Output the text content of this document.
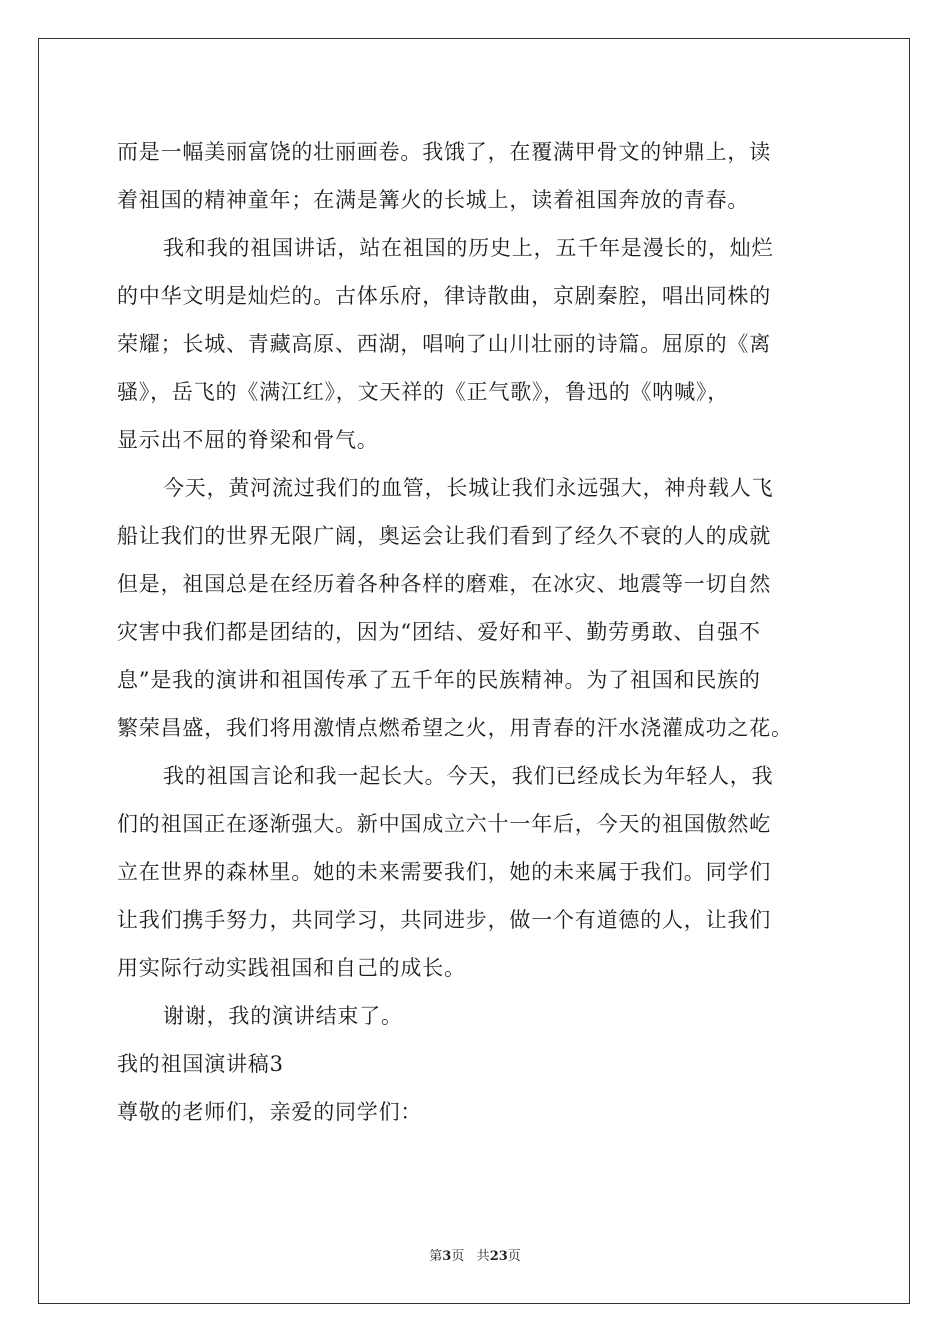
而是一幅美丽富饶的壮丽画卷。我饿了，在覆满甲骨文的钟鼎上，读
着祖国的精神童年；在满是篝火的长城上，读着祖国奔放的青春。
我和我的祖国讲话，站在祖国的历史上，五千年是漫长的，灿烂
的中华文明是灿烂的。古体乐府，律诗散曲，京剧秦腔，唱出同株的
荣耀；长城、青藏高原、西湖，唱响了山川壮丽的诗篇。屈原的《离
骚》，岳飞的《满江红》，文天祥的《正气歌》，鲁迅的《呐喊》，
显示出不屈的脊梁和骨气。
今天，黄河流过我们的血管，长城让我们永远强大，神舟载人飞
船让我们的世界无限广阔，奥运会让我们看到了经久不衰的人的成就
但是，祖国总是在经历着各种各样的磨难，在冰灾、地震等一切自然
灾害中我们都是团结的，因为“团结、爱好和平、勤劳勇敢、自强不
息”是我的演讲和祖国传承了五千年的民族精神。为了祖国和民族的
繁荣昌盛，我们将用激情点燃希望之火，用青春的汗水浇灌成功之花。
我的祖国言论和我一起长大。今天，我们已经成长为年轻人，我
们的祖国正在逐渐强大。新中国成立六十一年后，今天的祖国傲然屹
立在世界的森林里。她的未来需要我们，她的未来属于我们。同学们
让我们携手努力，共同学习，共同进步，做一个有道德的人，让我们
用实际行动实践祖国和自己的成长。
谢谢，我的演讲结束了。
我的祖国演讲稿3
尊敬的老师们，亲爱的同学们：
第3页 共23页
